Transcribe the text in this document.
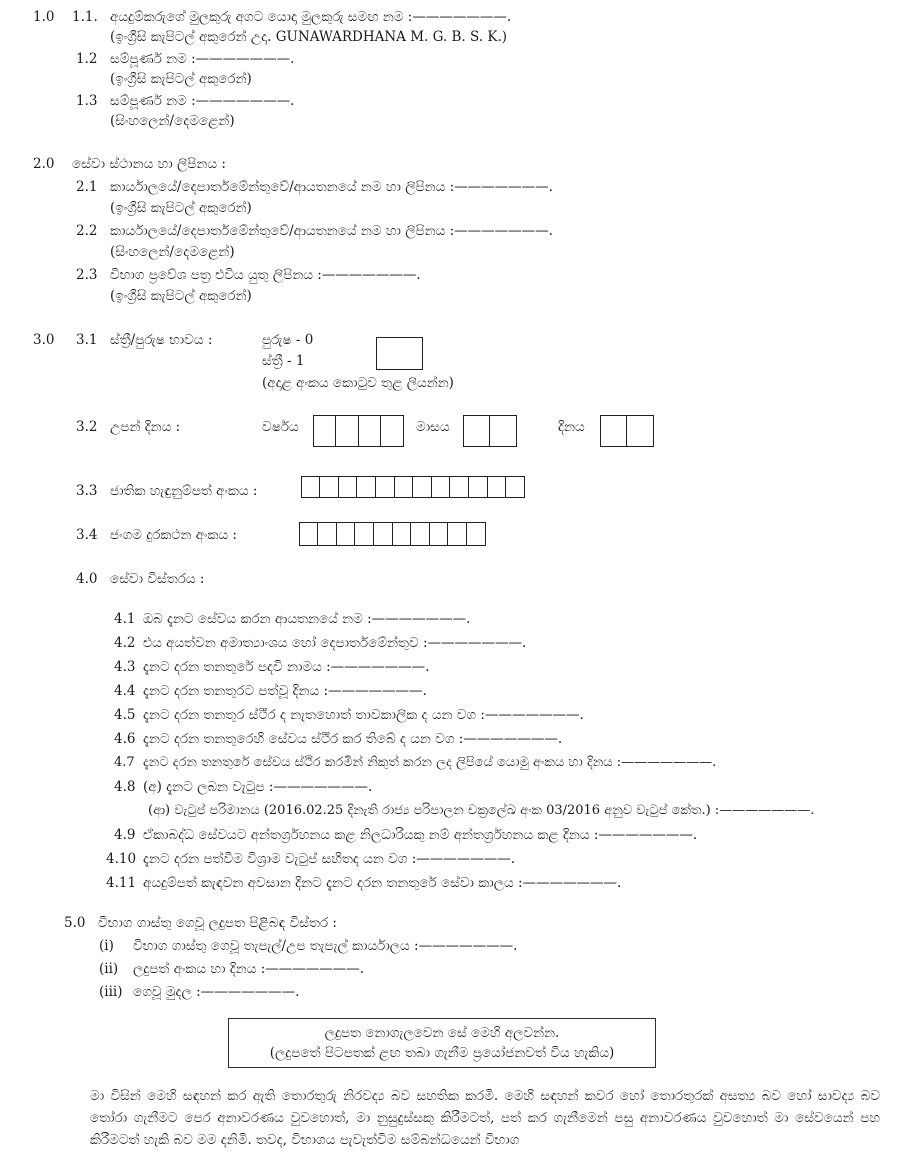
1.0 1.1. අයදුම්කරුගේ මුලකුරු අගට යොදා මුලකුරු සමඟ නම :———————.
(ඉංග්‍රීසි කැපිටල් අකුරෙන් උදා. GUNAWARDHANA M. G. B. S. K.)
1.2 සම්පූර්ණ නම :———————.
(ඉංග්‍රීසි කැපිටල් අකුරෙන්)
1.3 සම්පූර්ණ නම :———————.
(සිංහලෙන්/දෙමළෙන්)
2.0 සේවා ස්ථානය හා ලිපිනය :
2.1 කාර්යාලයේ/දෙපාර්තමේන්තුවේ/ආයතනයේ නම හා ලිපිනය :———————.
(ඉංග්‍රීසි කැපිටල් අකුරෙන්)
2.2 කාර්යාලයේ/දෙපාර්තමේන්තුවේ/ආයතනයේ නම හා ලිපිනය :———————.
(සිංහලෙන්/දෙමළෙන්)
2.3 විභාග ප්‍රවේශ පත්‍ර එවිය යුතු ලිපිනය :———————.
(ඉංග්‍රීසි කැපිටල් අකුරෙන්)
3.0 3.1 ස්ත්‍රී/පුරුෂ භාවය :	පුරුෂ - 0
ස්ත්‍රී - 1
(අදාළ අංකය කොටුව තුළ ලියන්න)
3.2 උපන් දිනය :	වර්ෂය	මාසය	දිනය
3.3 ජාතික හැඳුනුම්පත් අංකය :
3.4 ජංගම දුරකථන අංකය :
4.0 සේවා විස්තරය :
4.1 ඔබ දැනට සේවය කරන ආයතනයේ නම :———————.
4.2 එය අයත්වන අමාත්‍යාංශය හෝ දෙපාර්තමේන්තුව :———————.
4.3 දැනට දරන තනතුරේ පදවි නාමය :———————.
4.4 දැනට දරන තනතුරට පත්වූ දිනය :———————.
4.5 දැනට දරන තනතුර ස්ථිර ද නැතහොත් තාවකාලික ද යන වග :———————.
4.6 දැනට දරන තනතුරෙහි සේවය ස්ථිර කර තිබේ ද යන වග :———————.
4.7 දැනට දරන තනතුරේ සේවය ස්ථිර කරමින් නිකුත් කරන ලද ලිපියේ යොමු අංකය හා දිනය :———————.
4.8 (අ) දැනට ලබන වැටුප :———————.
(ආ) වැටුප් පරිමානය (2016.02.25 දිනැති රාජ්‍ය පරිපාලන චක්‍රලේඛ අංක 03/2016 අනුව වැටුප් කේත.) :———————.
4.9 ඒකාබද්ධ සේවයට අන්තර්ග්‍රහනය කළ නිලධාරියකු නම් අන්තර්ග්‍රහනය කළ දිනය :———————.
4.10 දැනට දරන පත්වීම විශ්‍රාම වැටුප් සහිතද යන වග :———————.
4.11 අයදුම්පත් කැඳවන අවසාන දිනට දැනට දරන තනතුරේ සේවා කාලය :———————.
5.0 විභාග ගාස්තු ගෙවූ ලදුපත පිළිබඳ විස්තර :
(i) විභාග ගාස්තු ගෙවූ තැපැල්/උප තැපැල් කාර්යාලය :———————.
(ii) ලදුපත් අංකය හා දිනය :———————.
(iii) ගෙවූ මුදල :———————.
ලදුපත නොගැලවෙන සේ මෙහි අලවන්න.
(ලදුපතේ පිටපතක් ළඟ තබා ගැනීම ප්‍රයෝජනවත් විය හැකිය)
මා විසින් මෙහි සඳහන් කර ඇති තොරතුරු නිරවද්‍ය බව සහතික කරමි. මෙහි සඳහන් කවර හෝ තොරතුරක් අසත්‍ය බව හෝ සාවද්‍ය බව තෝරා ගැනීමට පෙර අනාවරණය වුවහොත්, මා නුසුදුස්සකු කිරීමටත්, පත් කර ගැනීමෙන් පසු අනාවරණය වුවහොත් මා සේවයෙන් පහ කිරීමටත් හැකි බව මම දනිමි. තවද, විභාගය පැවැත්වීම සම්බන්ධයෙන් විභාග
